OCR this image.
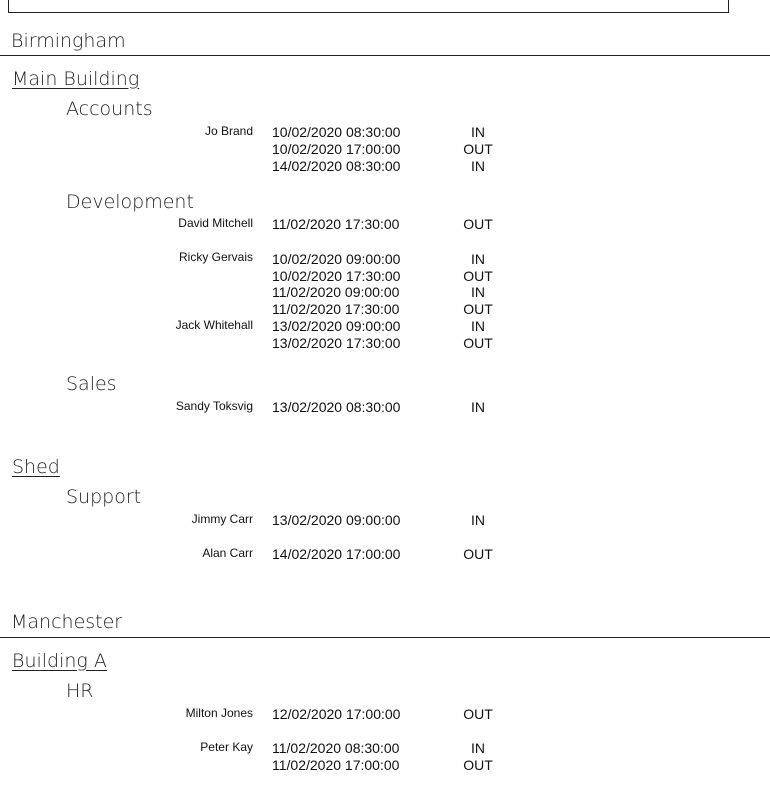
Birmingham
Main Building
Accounts
Jo Brand 10/02/2020 08:30:00	IN
10/02/2020 17:00:00	OUT
14/02/2020 08:30:00	IN
Development
David Mitchell 11/02/2020 17:30:00	OUT
Ricky Gervais 10/02/2020 09:00:00	IN
10/02/2020 17:30:00	OUT
11/02/2020 09:00:00	IN
11/02/2020 17:30:00	OUT
Jack Whitehall 13/02/2020 09:00:00	IN
13/02/2020 17:30:00	OUT
Sales
Sandy Toksvig 13/02/2020 08:30:00	IN
Shed
Support
Jimmy Carr 13/02/2020 09:00:00	IN
Alan Carr 14/02/2020 17:00:00	OUT
Manchester
Building A
HR
Milton Jones 12/02/2020 17:00:00	OUT
Peter Kay 11/02/2020 08:30:00	IN
11/02/2020 17:00:00	OUT
